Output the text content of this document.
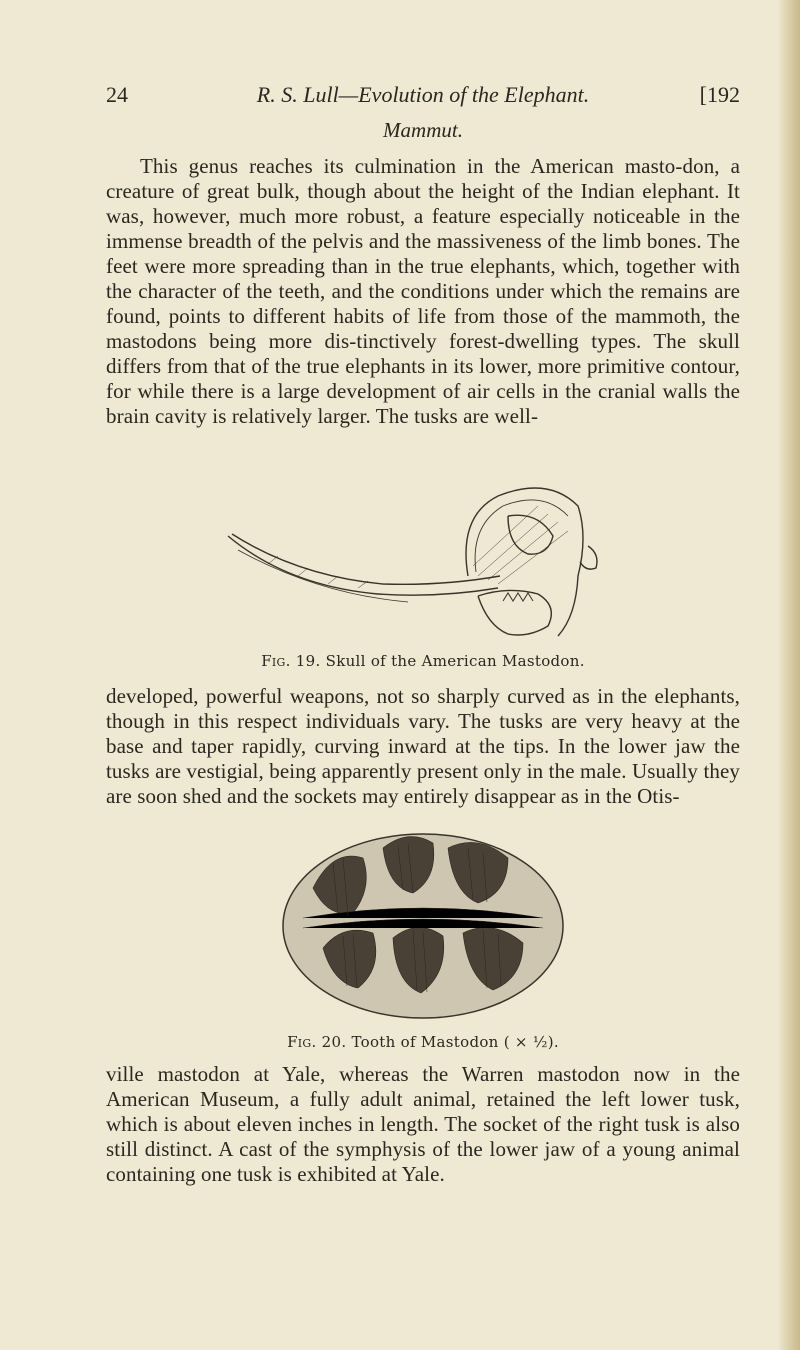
24	R. S. Lull—Evolution of the Elephant.	[192
Mammut.

This genus reaches its culmination in the American masto-don, a creature of great bulk, though about the height of the Indian elephant. It was, however, much more robust, a feature especially noticeable in the immense breadth of the pelvis and the massiveness of the limb bones. The feet were more spreading than in the true elephants, which, together with the character of the teeth, and the conditions under which the remains are found, points to different habits of life from those of the mammoth, the mastodons being more dis-tinctively forest-dwelling types. The skull differs from that of the true elephants in its lower, more primitive contour, for while there is a large development of air cells in the cranial walls the brain cavity is relatively larger. The tusks are well-

Fig. 19. Skull of the American Mastodon.

developed, powerful weapons, not so sharply curved as in the elephants, though in this respect individuals vary. The tusks are very heavy at the base and taper rapidly, curving inward at the tips. In the lower jaw the tusks are vestigial, being apparently present only in the male. Usually they are soon shed and the sockets may entirely disappear as in the Otis-

Fig. 20. Tooth of Mastodon ( × ½).

ville mastodon at Yale, whereas the Warren mastodon now in the American Museum, a fully adult animal, retained the left lower tusk, which is about eleven inches in length. The socket of the right tusk is also still distinct. A cast of the symphysis of the lower jaw of a young animal containing one tusk is exhibited at Yale.
